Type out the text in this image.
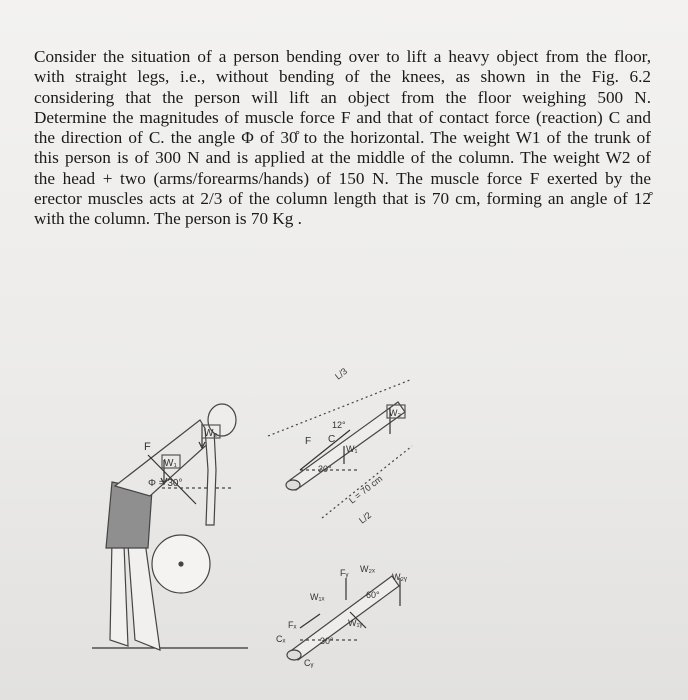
Consider the situation of a person bending over to lift a heavy object from the floor,
with straight legs, i.e., without bending of the knees, as shown in the Fig. 6.2
considering that the person will lift an object from the floor weighing 500 N.
Determine the magnitudes of muscle force F and that of contact force (reaction) C and
the direction of C. the angle Φ of 30̊ to the horizontal. The weight W1 of the trunk of
this person is of 300 N and is applied at the middle of the column. The weight W2 of
the head + two (arms/forearms/hands) of 150 N. The muscle force F exerted by the
erector muscles acts at 2/3 of the column length that is 70 cm, forming an angle of 12̊
with the column. The person is 70 Kg .
F
W₁
W₂
Φ = 30°
L/3
12°
W₂
W₁
F C
30°
L = 70 cm
L/2
Fᵧ W₂ₓ
W₂ᵧ
60°
W₁ₓ
W₁ᵧ
Fₓ
Cₓ
Cᵧ
30°
